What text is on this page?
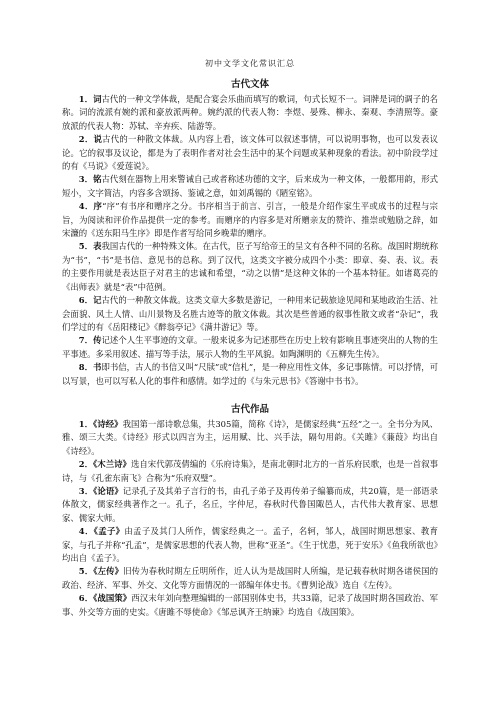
初中文学文化常识汇总
古代文体

1．词古代的一种文学体裁，是配合宴会乐曲而填写的歌词，句式长短不一。词牌是词的调子的名称。词的流派有婉约派和豪放派两种。婉约派的代表人物：李煜、晏殊、柳永、秦观、李清照等。豪放派的代表人物：苏轼、辛弃疾、陆游等。

2．说古代的一种散文体裁。从内容上看，该文体可以叙述事情，可以说明事物，也可以发表议论。它的叙事及议论，都是为了表明作者对社会生活中的某个问题或某种现象的看法。初中阶段学过的有《马说》《爱莲说》。

3．铭古代刻在器物上用来警诫自己或者称述功德的文字，后来成为一种文体，一般都用韵，形式短小，文字简洁，内容多含颂扬、鉴诫之意，如刘禹锡的《陋室铭》。

4．序“序”有书序和赠序之分。书序相当于前言、引言，一般是介绍作家生平或成书的过程与宗旨，为阅读和评价作品提供一定的参考。而赠序的内容多是对所赠亲友的赞许、推崇或勉励之辞，如宋濂的《送东阳马生序》即是作者写给同乡晚辈的赠序。

5．表我国古代的一种特殊文体。在古代，臣子写给帝王的呈文有各种不同的名称。战国时期统称为“书”，“书”是书信、意见书的总称。到了汉代，这类文字被分成四个小类：即章、奏、表、议。表的主要作用就是表达臣子对君主的忠诚和希望，“动之以情”是这种文体的一个基本特征。如诸葛亮的《出师表》就是“表”中范例。

6．记古代的一种散文体裁。这类文章大多数是游记，一种用来记载旅途见闻和某地政治生活、社会面貌、风土人情、山川景物及名胜古迹等的散文体裁。其次是些普通的叙事性散文或者“杂记”，我们学过的有《岳阳楼记》《醉翁亭记》《满井游记》等。

7．传记述个人生平事迹的文章。一般来说多为记述那些在历史上较有影响且事迹突出的人物的生平事迹。多采用叙述、描写等手法，展示人物的生平风貌。如陶渊明的《五柳先生传》。

8．书即书信，古人的书信又叫“尺牍”或“信札”，是一种应用性文体，多记事陈情。可以抒情，可以写景，也可以写私人化的事件和感情。如学过的《与朱元思书》《答谢中书书》。

古代作品

1．《诗经》我国第一部诗歌总集，共305篇，简称《诗》，是儒家经典“五经”之一。全书分为风、雅、颂三大类。《诗经》形式以四言为主，运用赋、比、兴手法，隔句用韵。《关雎》《蒹葭》均出自《诗经》。

2．《木兰诗》选自宋代郭茂倩编的《乐府诗集》，是南北朝时北方的一首乐府民歌，也是一首叙事诗，与《孔雀东南飞》合称为“乐府双璧”。

3．《论语》记录孔子及其弟子言行的书，由孔子弟子及再传弟子编纂而成，共20篇，是一部语录体散文，儒家经典著作之一。孔子，名丘，字仲尼，春秋时代鲁国陬邑人，古代伟大教育家、思想家、儒家大师。

4．《孟子》由孟子及其门人所作，儒家经典之一。孟子，名轲，邹人，战国时期思想家、教育家，与孔子并称“孔孟”，是儒家思想的代表人物，世称“亚圣”。《生于忧患，死于安乐》《鱼我所欲也》均出自《孟子》。

5．《左传》旧传为春秋时期左丘明所作，近人认为是战国时人所编，是记载春秋时期各诸侯国的政治、经济、军事、外交、文化等方面情况的一部编年体史书。《曹刿论战》选自《左传》。

6．《战国策》西汉末年刘向整理编辑的一部国别体史书，共33篇，记录了战国时期各国政治、军事、外交等方面的史实。《唐雎不辱使命》《邹忌讽齐王纳谏》均选自《战国策》。
